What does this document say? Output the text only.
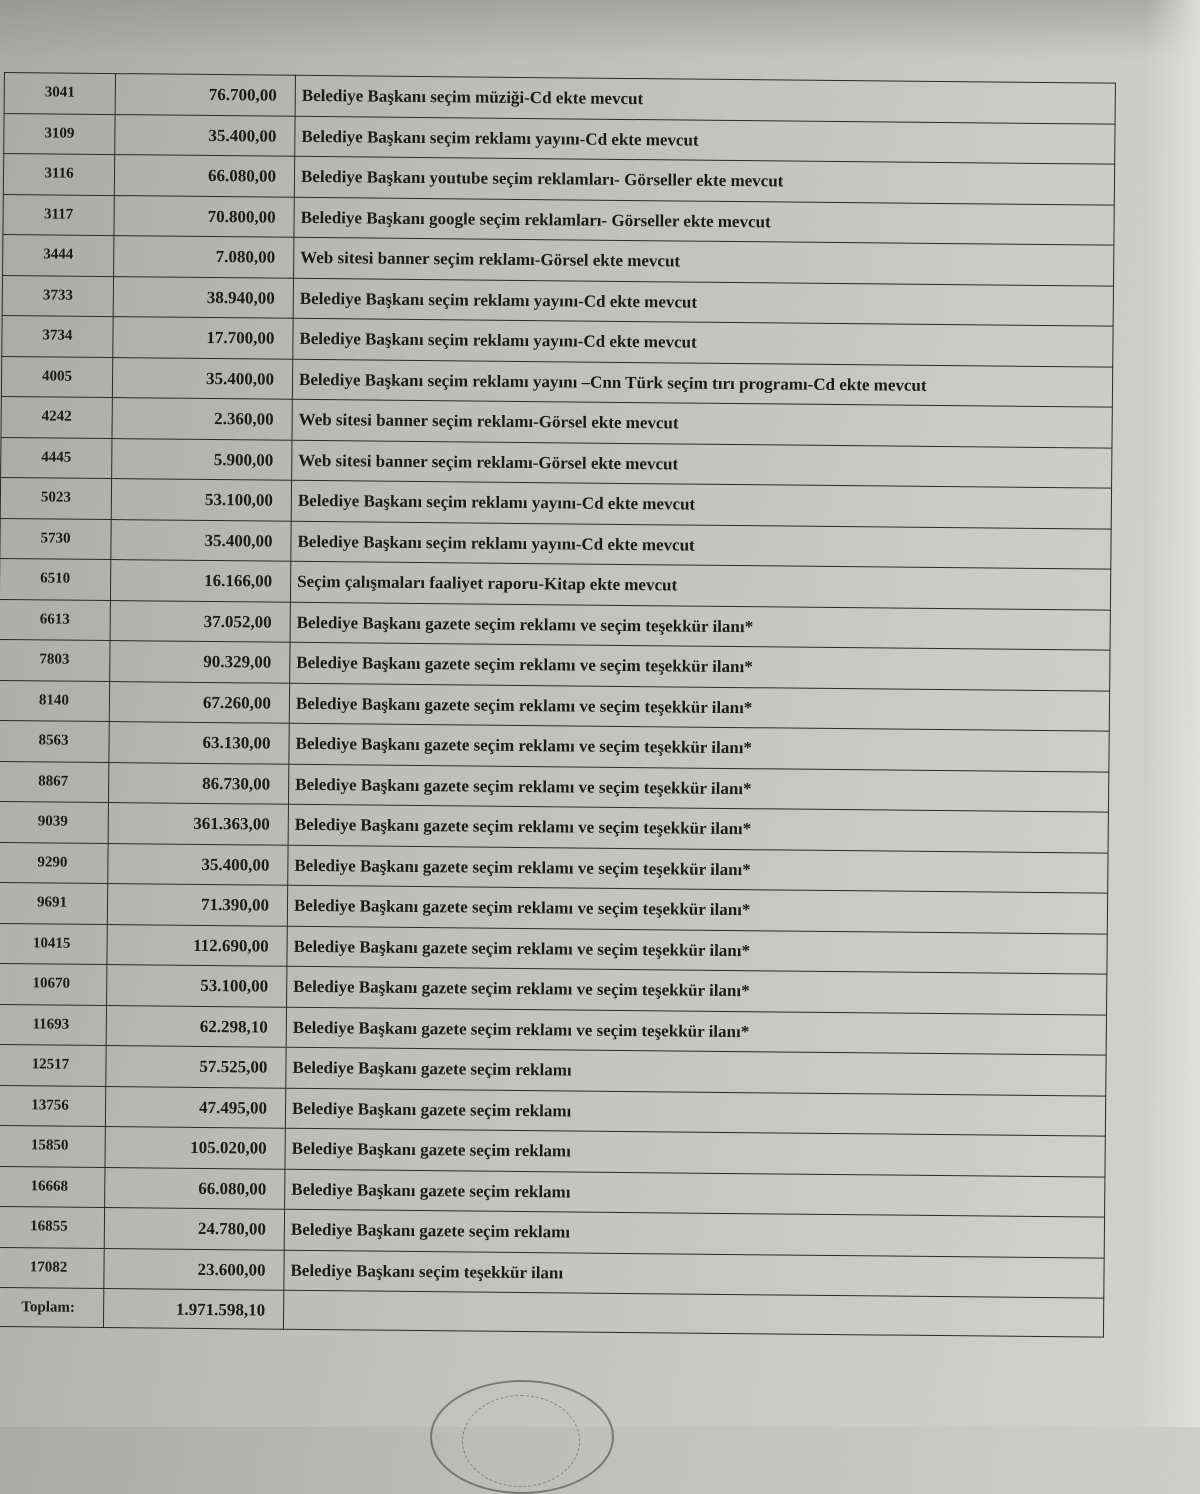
3041	76.700,00	Belediye Başkanı seçim müziği-Cd ekte mevcut
3109	35.400,00	Belediye Başkanı seçim reklamı yayını-Cd ekte mevcut
3116	66.080,00	Belediye Başkanı youtube seçim reklamları- Görseller ekte mevcut
3117	70.800,00	Belediye Başkanı google seçim reklamları- Görseller ekte mevcut
3444	7.080,00	Web sitesi banner seçim reklamı-Görsel ekte mevcut
3733	38.940,00	Belediye Başkanı seçim reklamı yayını-Cd ekte mevcut
3734	17.700,00	Belediye Başkanı seçim reklamı yayını-Cd ekte mevcut
4005	35.400,00	Belediye Başkanı seçim reklamı yayını –Cnn Türk seçim tırı programı-Cd ekte mevcut
4242	2.360,00	Web sitesi banner seçim reklamı-Görsel ekte mevcut
4445	5.900,00	Web sitesi banner seçim reklamı-Görsel ekte mevcut
5023	53.100,00	Belediye Başkanı seçim reklamı yayını-Cd ekte mevcut
5730	35.400,00	Belediye Başkanı seçim reklamı yayını-Cd ekte mevcut
6510	16.166,00	Seçim çalışmaları faaliyet raporu-Kitap ekte mevcut
6613	37.052,00	Belediye Başkanı gazete seçim reklamı ve seçim teşekkür ilanı*
7803	90.329,00	Belediye Başkanı gazete seçim reklamı ve seçim teşekkür ilanı*
8140	67.260,00	Belediye Başkanı gazete seçim reklamı ve seçim teşekkür ilanı*
8563	63.130,00	Belediye Başkanı gazete seçim reklamı ve seçim teşekkür ilanı*
8867	86.730,00	Belediye Başkanı gazete seçim reklamı ve seçim teşekkür ilanı*
9039	361.363,00	Belediye Başkanı gazete seçim reklamı ve seçim teşekkür ilanı*
9290	35.400,00	Belediye Başkanı gazete seçim reklamı ve seçim teşekkür ilanı*
9691	71.390,00	Belediye Başkanı gazete seçim reklamı ve seçim teşekkür ilanı*
10415	112.690,00	Belediye Başkanı gazete seçim reklamı ve seçim teşekkür ilanı*
10670	53.100,00	Belediye Başkanı gazete seçim reklamı ve seçim teşekkür ilanı*
11693	62.298,10	Belediye Başkanı gazete seçim reklamı ve seçim teşekkür ilanı*
12517	57.525,00	Belediye Başkanı gazete seçim reklamı
13756	47.495,00	Belediye Başkanı gazete seçim reklamı
15850	105.020,00	Belediye Başkanı gazete seçim reklamı
16668	66.080,00	Belediye Başkanı gazete seçim reklamı
16855	24.780,00	Belediye Başkanı gazete seçim reklamı
17082	23.600,00	Belediye Başkanı seçim teşekkür ilanı
Toplam:	1.971.598,10	
